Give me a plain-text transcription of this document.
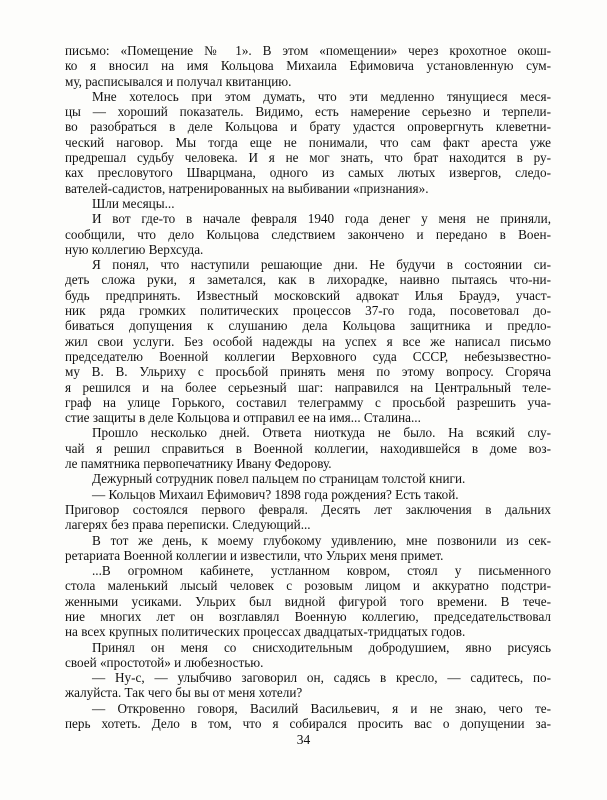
письмо: «Помещение № 1». В этом «помещении» через крохотное окош-
ко я вносил на имя Кольцова Михаила Ефимовича установленную сум-
му, расписывался и получал квитанцию.
Мне хотелось при этом думать, что эти медленно тянущиеся меся-
цы — хороший показатель. Видимо, есть намерение серьезно и терпели-
во разобраться в деле Кольцова и брату удастся опровергнуть клеветни-
ческий наговор. Мы тогда еще не понимали, что сам факт ареста уже
предрешал судьбу человека. И я не мог знать, что брат находится в ру-
ках пресловутого Шварцмана, одного из самых лютых извергов, следо-
вателей-садистов, натренированных на выбивании «признания».
Шли месяцы...
И вот где-то в начале февраля 1940 года денег у меня не приняли,
сообщили, что дело Кольцова следствием закончено и передано в Воен-
ную коллегию Верхсуда.
Я понял, что наступили решающие дни. Не будучи в состоянии си-
деть сложа руки, я заметался, как в лихорадке, наивно пытаясь что-ни-
будь предпринять. Известный московский адвокат Илья Браудэ, участ-
ник ряда громких политических процессов 37-го года, посоветовал до-
биваться допущения к слушанию дела Кольцова защитника и предло-
жил свои услуги. Без особой надежды на успех я все же написал письмо
председателю Военной коллегии Верховного суда СССР, небезызвестно-
му В. В. Ульриху с просьбой принять меня по этому вопросу. Сгоряча
я решился и на более серьезный шаг: направился на Центральный теле-
граф на улице Горького, составил телеграмму с просьбой разрешить уча-
стие защиты в деле Кольцова и отправил ее на имя... Сталина...
Прошло несколько дней. Ответа ниоткуда не было. На всякий слу-
чай я решил справиться в Военной коллегии, находившейся в доме воз-
ле памятника первопечатнику Ивану Федорову.
Дежурный сотрудник повел пальцем по страницам толстой книги.
— Кольцов Михаил Ефимович? 1898 года рождения? Есть такой.
Приговор состоялся первого февраля. Десять лет заключения в дальних
лагерях без права переписки. Следующий...
В тот же день, к моему глубокому удивлению, мне позвонили из сек-
ретариата Военной коллегии и известили, что Ульрих меня примет.
...В огромном кабинете, устланном ковром, стоял у письменного
стола маленький лысый человек с розовым лицом и аккуратно подстри-
женными усиками. Ульрих был видной фигурой того времени. В тече-
ние многих лет он возглавлял Военную коллегию, председательствовал
на всех крупных политических процессах двадцатых-тридцатых годов.
Принял он меня со снисходительным добродушием, явно рисуясь
своей «простотой» и любезностью.
— Ну-с, — улыбчиво заговорил он, садясь в кресло, — садитесь, по-
жалуйста. Так чего бы вы от меня хотели?
— Откровенно говоря, Василий Васильевич, я и не знаю, чего те-
перь хотеть. Дело в том, что я собирался просить вас о допущении за-
34
